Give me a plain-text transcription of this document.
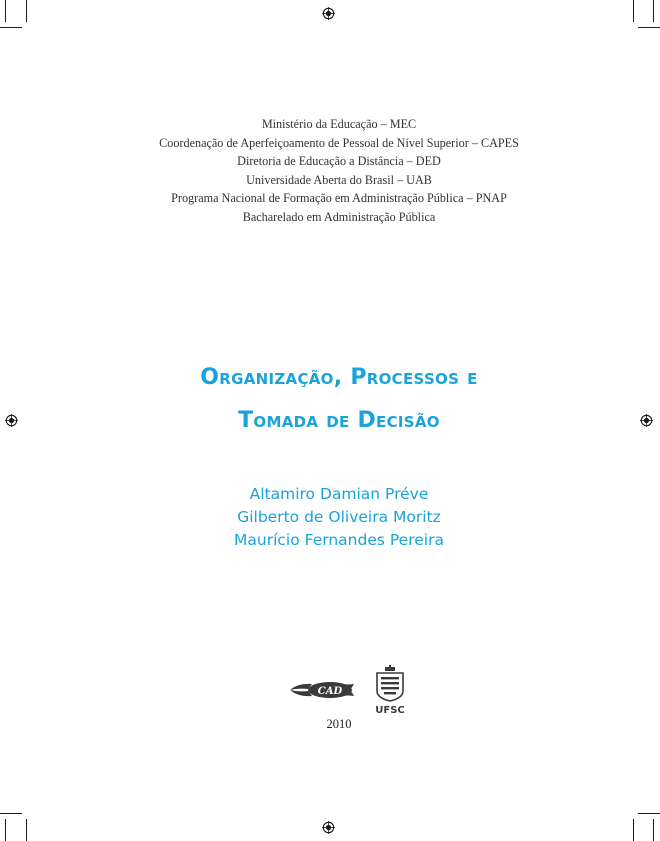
Ministério da Educação – MEC
Coordenação de Aperfeiçoamento de Pessoal de Nível Superior – CAPES
Diretoria de Educação a Distância – DED
Universidade Aberta do Brasil – UAB
Programa Nacional de Formação em Administração Pública – PNAP
Bacharelado em Administração Pública
Organização, Processos e
Tomada de Decisão
Altamiro Damian Préve
Gilberto de Oliveira Moritz
Maurício Fernandes Pereira
CAD
UFSC
2010
